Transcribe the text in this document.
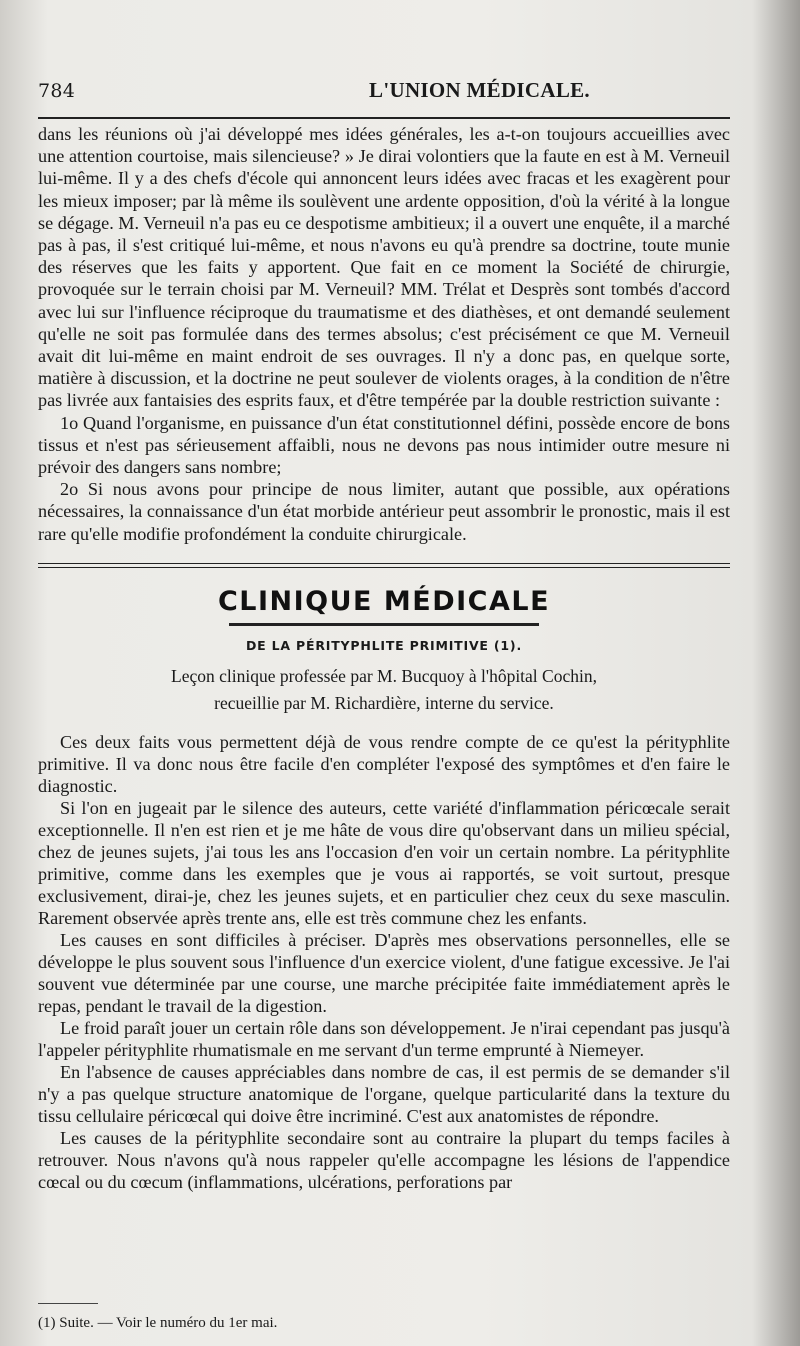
784	L'UNION MÉDICALE.

dans les réunions où j'ai développé mes idées générales, les a-t-on toujours accueillies avec une attention courtoise, mais silencieuse? » Je dirai volontiers que la faute en est à M. Verneuil lui-même. Il y a des chefs d'école qui annoncent leurs idées avec fracas et les exagèrent pour les mieux imposer; par là même ils soulèvent une ardente opposition, d'où la vérité à la longue se dégage. M. Verneuil n'a pas eu ce despotisme ambitieux; il a ouvert une enquête, il a marché pas à pas, il s'est critiqué lui-même, et nous n'avons eu qu'à prendre sa doctrine, toute munie des réserves que les faits y apportent. Que fait en ce moment la Société de chirurgie, provoquée sur le terrain choisi par M. Verneuil? MM. Trélat et Desprès sont tombés d'accord avec lui sur l'influence réciproque du traumatisme et des diathèses, et ont demandé seulement qu'elle ne soit pas formulée dans des termes absolus; c'est précisément ce que M. Verneuil avait dit lui-même en maint endroit de ses ouvrages. Il n'y a donc pas, en quelque sorte, matière à discussion, et la doctrine ne peut soulever de violents orages, à la condition de n'être pas livrée aux fantaisies des esprits faux, et d'être tempérée par la double restriction suivante :

1o Quand l'organisme, en puissance d'un état constitutionnel défini, possède encore de bons tissus et n'est pas sérieusement affaibli, nous ne devons pas nous intimider outre mesure ni prévoir des dangers sans nombre;

2o Si nous avons pour principe de nous limiter, autant que possible, aux opérations nécessaires, la connaissance d'un état morbide antérieur peut assombrir le pronostic, mais il est rare qu'elle modifie profondément la conduite chirurgicale.

CLINIQUE MÉDICALE
DE LA PÉRITYPHLITE PRIMITIVE (1).
Leçon clinique professée par M. Bucquoy à l'hôpital Cochin,
recueillie par M. Richardière, interne du service.

Ces deux faits vous permettent déjà de vous rendre compte de ce qu'est la pérityphlite primitive. Il va donc nous être facile d'en compléter l'exposé des symptômes et d'en faire le diagnostic.

Si l'on en jugeait par le silence des auteurs, cette variété d'inflammation péricœcale serait exceptionnelle. Il n'en est rien et je me hâte de vous dire qu'observant dans un milieu spécial, chez de jeunes sujets, j'ai tous les ans l'occasion d'en voir un certain nombre. La pérityphlite primitive, comme dans les exemples que je vous ai rapportés, se voit surtout, presque exclusivement, dirai-je, chez les jeunes sujets, et en particulier chez ceux du sexe masculin. Rarement observée après trente ans, elle est très commune chez les enfants.

Les causes en sont difficiles à préciser. D'après mes observations personnelles, elle se développe le plus souvent sous l'influence d'un exercice violent, d'une fatigue excessive. Je l'ai souvent vue déterminée par une course, une marche précipitée faite immédiatement après le repas, pendant le travail de la digestion.

Le froid paraît jouer un certain rôle dans son développement. Je n'irai cependant pas jusqu'à l'appeler pérityphlite rhumatismale en me servant d'un terme emprunté à Niemeyer.

En l'absence de causes appréciables dans nombre de cas, il est permis de se demander s'il n'y a pas quelque structure anatomique de l'organe, quelque particularité dans la texture du tissu cellulaire péricœcal qui doive être incriminé. C'est aux anatomistes de répondre.

Les causes de la pérityphlite secondaire sont au contraire la plupart du temps faciles à retrouver. Nous n'avons qu'à nous rappeler qu'elle accompagne les lésions de l'appendice cœcal ou du cœcum (inflammations, ulcérations, perforations par

(1) Suite. — Voir le numéro du 1er mai.
